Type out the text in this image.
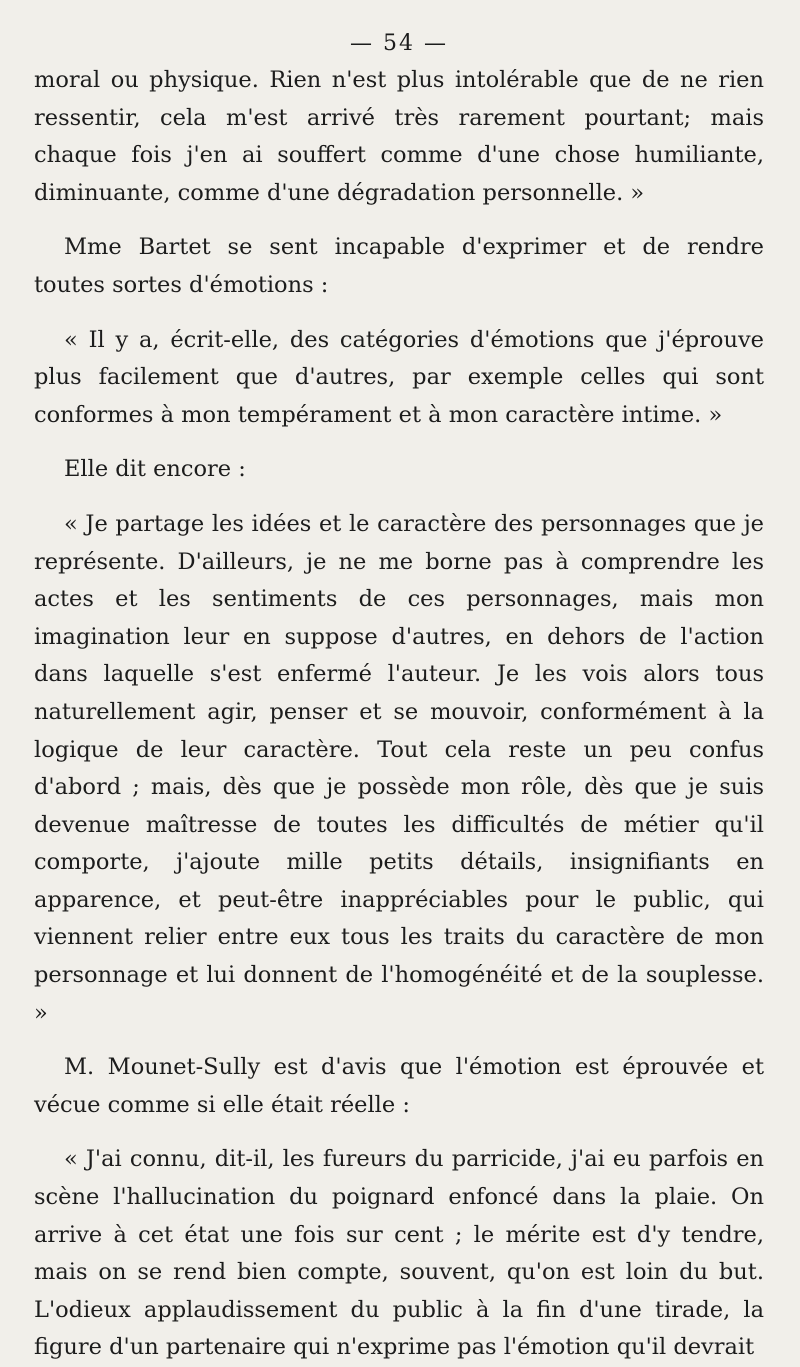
— 54 —

moral ou physique. Rien n'est plus intolérable que de ne rien ressentir, cela m'est arrivé très rarement pourtant; mais chaque fois j'en ai souffert comme d'une chose humiliante, diminuante, comme d'une dégradation personnelle. »

Mme Bartet se sent incapable d'exprimer et de rendre toutes sortes d'émotions :

« Il y a, écrit-elle, des catégories d'émotions que j'éprouve plus facilement que d'autres, par exemple celles qui sont conformes à mon tempérament et à mon caractère intime. »

Elle dit encore :

« Je partage les idées et le caractère des personnages que je représente. D'ailleurs, je ne me borne pas à comprendre les actes et les sentiments de ces personnages, mais mon imagination leur en suppose d'autres, en dehors de l'action dans laquelle s'est enfermé l'auteur. Je les vois alors tous naturellement agir, penser et se mouvoir, conformément à la logique de leur caractère. Tout cela reste un peu confus d'abord ; mais, dès que je possède mon rôle, dès que je suis devenue maîtresse de toutes les difficultés de métier qu'il comporte, j'ajoute mille petits détails, insignifiants en apparence, et peut-être inappréciables pour le public, qui viennent relier entre eux tous les traits du caractère de mon personnage et lui donnent de l'homogénéité et de la souplesse. »

M. Mounet-Sully est d'avis que l'émotion est éprouvée et vécue comme si elle était réelle :

« J'ai connu, dit-il, les fureurs du parricide, j'ai eu parfois en scène l'hallucination du poignard enfoncé dans la plaie. On arrive à cet état une fois sur cent ; le mérite est d'y tendre, mais on se rend bien compte, souvent, qu'on est loin du but. L'odieux applaudissement du public à la fin d'une tirade, la figure d'un partenaire qui n'exprime pas l'émotion qu'il devrait
